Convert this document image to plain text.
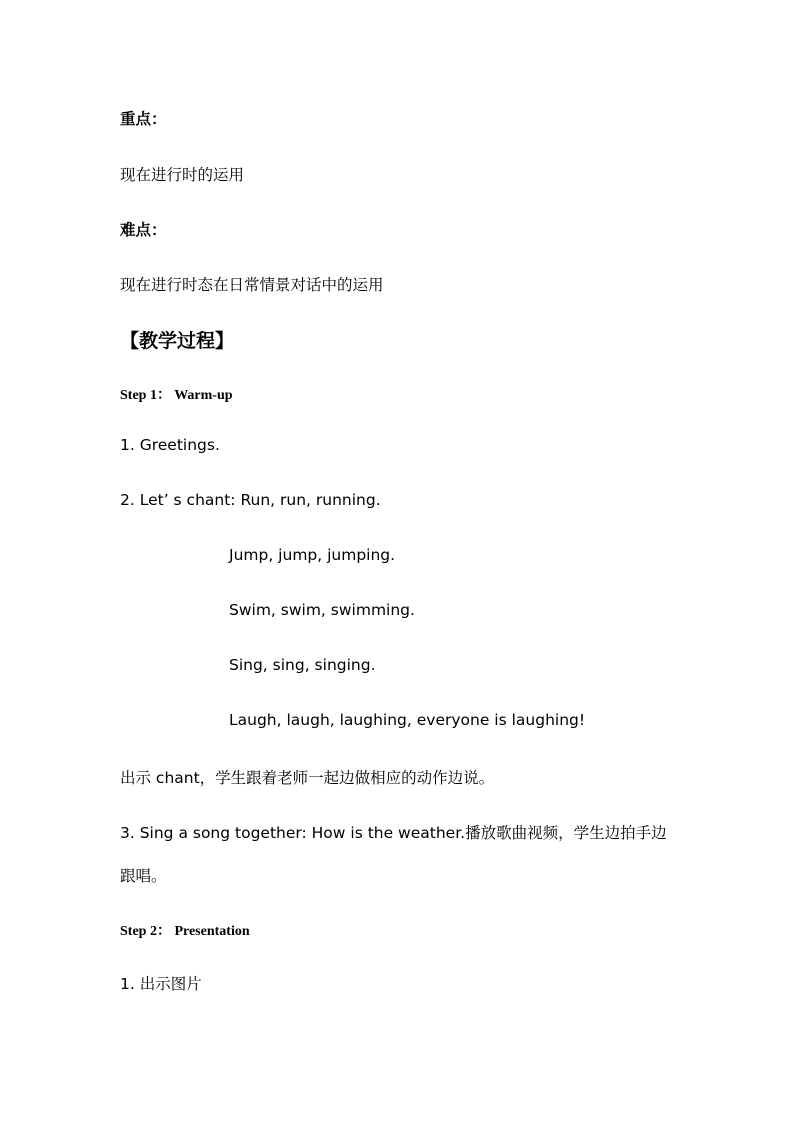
重点：
现在进行时的运用
难点：
现在进行时态在日常情景对话中的运用
【教学过程】
Step 1： Warm-up
1. Greetings.
2. Let’ s chant: Run, run, running.
Jump, jump, jumping.
Swim, swim, swimming.
Sing, sing, singing.
Laugh, laugh, laughing, everyone is laughing!
出示 chant，学生跟着老师一起边做相应的动作边说。
3. Sing a song together: How is the weather.播放歌曲视频，学生边拍手边
跟唱。
Step 2： Presentation
1. 出示图片
